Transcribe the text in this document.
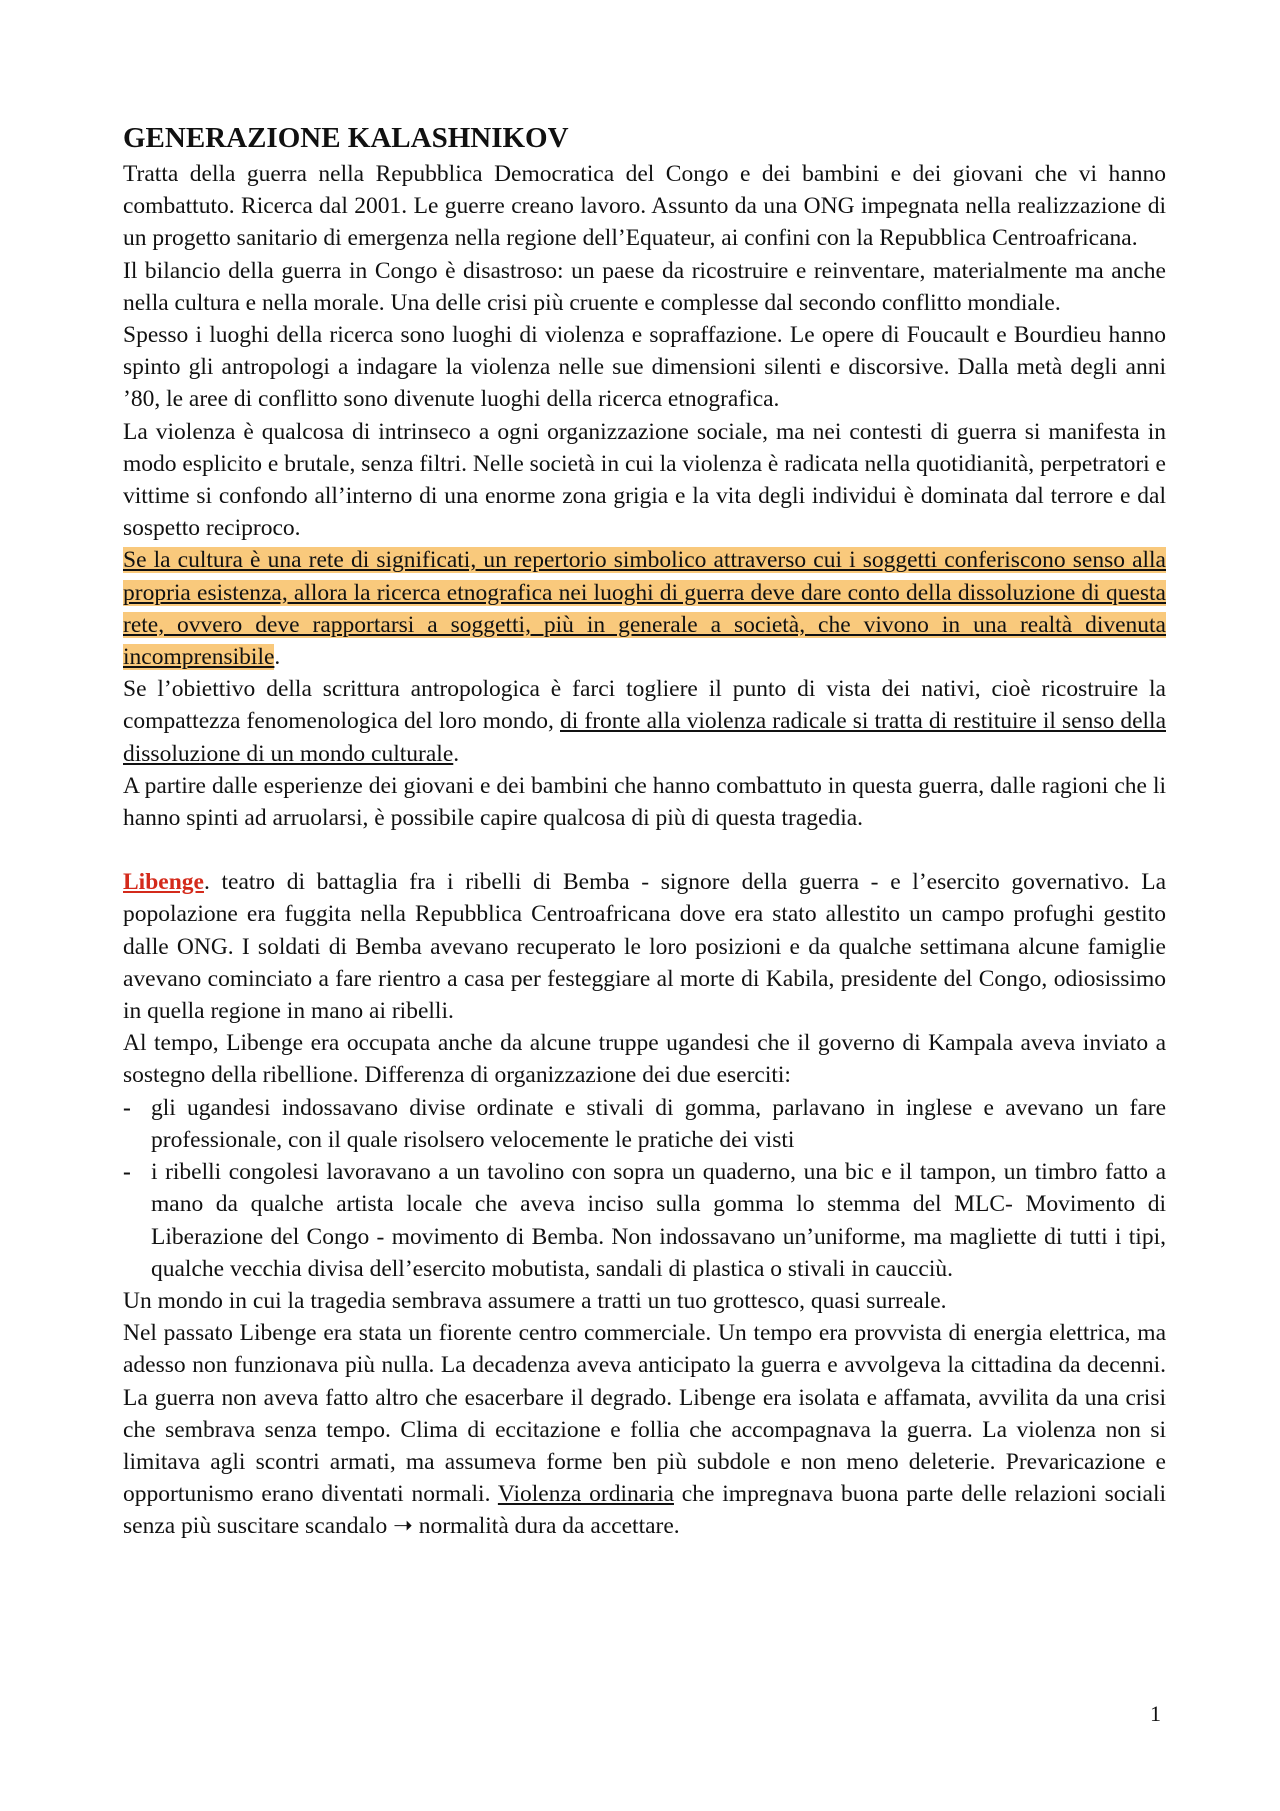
GENERAZIONE KALASHNIKOV

Tratta della guerra nella Repubblica Democratica del Congo e dei bambini e dei giovani che vi hanno combattuto. Ricerca dal 2001. Le guerre creano lavoro. Assunto da una ONG impegnata nella realizzazione di un progetto sanitario di emergenza nella regione dell’Equateur, ai confini con la Repubblica Centroafricana.

Il bilancio della guerra in Congo è disastroso: un paese da ricostruire e reinventare, materialmente ma anche nella cultura e nella morale. Una delle crisi più cruente e complesse dal secondo conflitto mondiale.

Spesso i luoghi della ricerca sono luoghi di violenza e sopraffazione. Le opere di Foucault e Bourdieu hanno spinto gli antropologi a indagare la violenza nelle sue dimensioni silenti e discorsive. Dalla metà degli anni ’80, le aree di conflitto sono divenute luoghi della ricerca etnografica.

La violenza è qualcosa di intrinseco a ogni organizzazione sociale, ma nei contesti di guerra si manifesta in modo esplicito e brutale, senza filtri. Nelle società in cui la violenza è radicata nella quotidianità, perpetratori e vittime si confondo all’interno di una enorme zona grigia e la vita degli individui è dominata dal terrore e dal sospetto reciproco.

Se la cultura è una rete di significati, un repertorio simbolico attraverso cui i soggetti conferiscono senso alla propria esistenza, allora la ricerca etnografica nei luoghi di guerra deve dare conto della dissoluzione di questa rete, ovvero deve rapportarsi a soggetti, più in generale a società, che vivono in una realtà divenuta incomprensibile.

Se l’obiettivo della scrittura antropologica è farci togliere il punto di vista dei nativi, cioè ricostruire la compattezza fenomenologica del loro mondo, di fronte alla violenza radicale si tratta di restituire il senso della dissoluzione di un mondo culturale.

A partire dalle esperienze dei giovani e dei bambini che hanno combattuto in questa guerra, dalle ragioni che li hanno spinti ad arruolarsi, è possibile capire qualcosa di più di questa tragedia.

Libenge. teatro di battaglia fra i ribelli di Bemba - signore della guerra - e l’esercito governativo. La popolazione era fuggita nella Repubblica Centroafricana dove era stato allestito un campo profughi gestito dalle ONG. I soldati di Bemba avevano recuperato le loro posizioni e da qualche settimana alcune famiglie avevano cominciato a fare rientro a casa per festeggiare al morte di Kabila, presidente del Congo, odiosissimo in quella regione in mano ai ribelli.

Al tempo, Libenge era occupata anche da alcune truppe ugandesi che il governo di Kampala aveva inviato a sostegno della ribellione. Differenza di organizzazione dei due eserciti:

- gli ugandesi indossavano divise ordinate e stivali di gomma, parlavano in inglese e avevano un fare professionale, con il quale risolsero velocemente le pratiche dei visti
- i ribelli congolesi lavoravano a un tavolino con sopra un quaderno, una bic e il tampon, un timbro fatto a mano da qualche artista locale che aveva inciso sulla gomma lo stemma del MLC- Movimento di Liberazione del Congo - movimento di Bemba. Non indossavano un’uniforme, ma magliette di tutti i tipi, qualche vecchia divisa dell’esercito mobutista, sandali di plastica o stivali in caucciù.

Un mondo in cui la tragedia sembrava assumere a tratti un tuo grottesco, quasi surreale.

Nel passato Libenge era stata un fiorente centro commerciale. Un tempo era provvista di energia elettrica, ma adesso non funzionava più nulla. La decadenza aveva anticipato la guerra e avvolgeva la cittadina da decenni. La guerra non aveva fatto altro che esacerbare il degrado. Libenge era isolata e affamata, avvilita da una crisi che sembrava senza tempo. Clima di eccitazione e follia che accompagnava la guerra. La violenza non si limitava agli scontri armati, ma assumeva forme ben più subdole e non meno deleterie. Prevaricazione e opportunismo erano diventati normali. Violenza ordinaria che impregnava buona parte delle relazioni sociali senza più suscitare scandalo ➝ normalità dura da accettare.

1
